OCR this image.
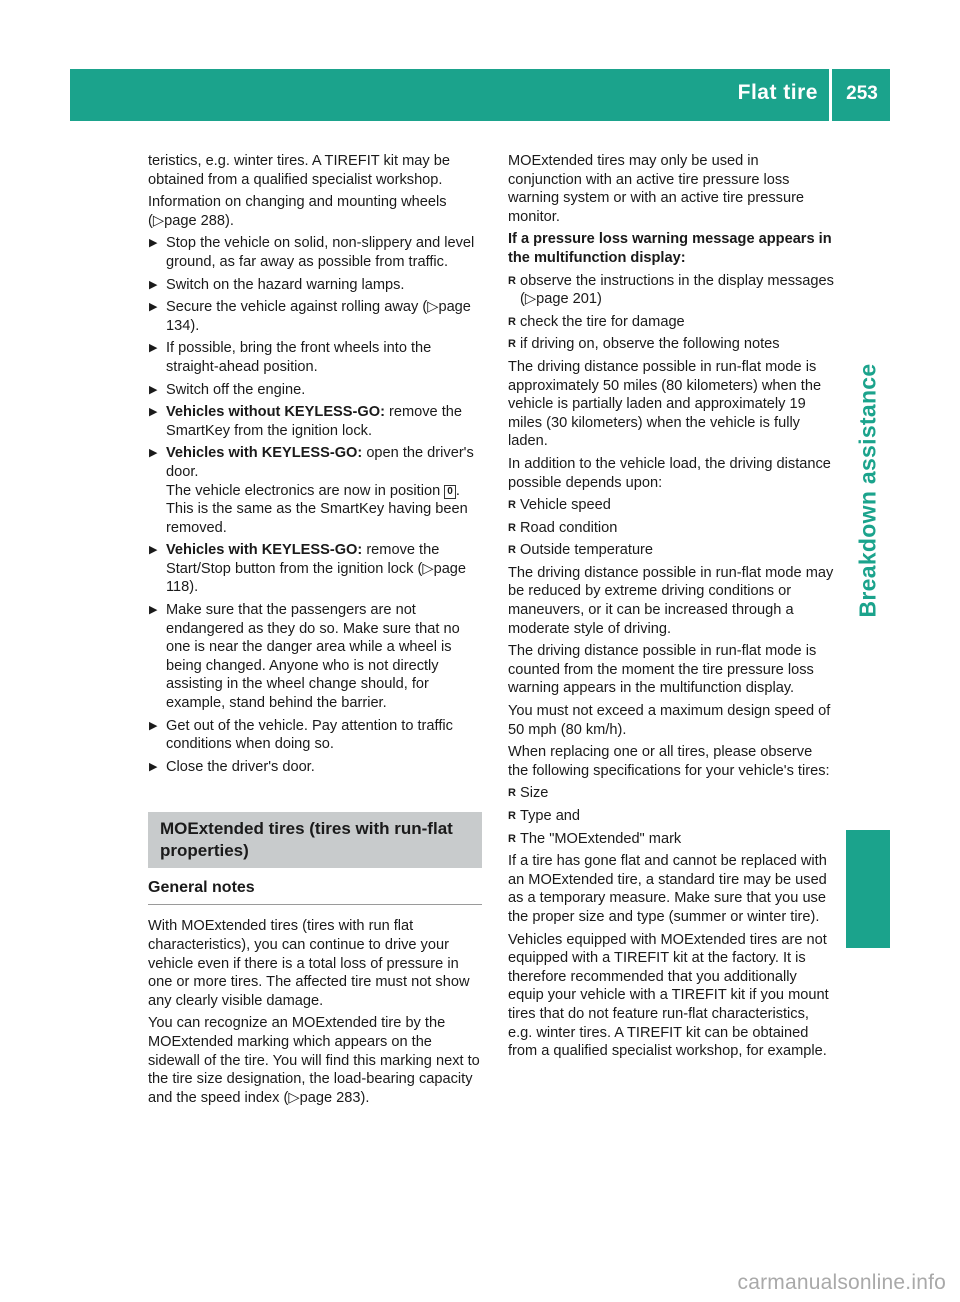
Flat tire	253
Breakdown assistance

teristics, e.g. winter tires. A TIREFIT kit may be obtained from a qualified specialist workshop.

Information on changing and mounting wheels (▷page 288).

▶ Stop the vehicle on solid, non-slippery and level ground, as far away as possible from traffic.
▶ Switch on the hazard warning lamps.
▶ Secure the vehicle against rolling away (▷page 134).
▶ If possible, bring the front wheels into the straight-ahead position.
▶ Switch off the engine.
▶ Vehicles without KEYLESS-GO: remove the SmartKey from the ignition lock.
▶ Vehicles with KEYLESS-GO: open the driver's door.
The vehicle electronics are now in position 0 . This is the same as the SmartKey having been removed.
▶ Vehicles with KEYLESS-GO: remove the Start/Stop button from the ignition lock (▷page 118).
▶ Make sure that the passengers are not endangered as they do so. Make sure that no one is near the danger area while a wheel is being changed. Anyone who is not directly assisting in the wheel change should, for example, stand behind the barrier.
▶ Get out of the vehicle. Pay attention to traffic conditions when doing so.
▶ Close the driver's door.
MOExtended tires (tires with run-flat properties)
General notes

With MOExtended tires (tires with run flat characteristics), you can continue to drive your vehicle even if there is a total loss of pressure in one or more tires. The affected tire must not show any clearly visible damage.

You can recognize an MOExtended tire by the MOExtended marking which appears on the sidewall of the tire. You will find this marking next to the tire size designation, the load-bearing capacity and the speed index (▷page 283).

MOExtended tires may only be used in conjunction with an active tire pressure loss warning system or with an active tire pressure monitor.

If a pressure loss warning message appears in the multifunction display:

R observe the instructions in the display messages (▷page 201)
R check the tire for damage
R if driving on, observe the following notes

The driving distance possible in run-flat mode is approximately 50 miles (80 kilometers) when the vehicle is partially laden and approximately 19 miles (30 kilometers) when the vehicle is fully laden.

In addition to the vehicle load, the driving distance possible depends upon:

R Vehicle speed
R Road condition
R Outside temperature

The driving distance possible in run-flat mode may be reduced by extreme driving conditions or maneuvers, or it can be increased through a moderate style of driving.

The driving distance possible in run-flat mode is counted from the moment the tire pressure loss warning appears in the multifunction display.

You must not exceed a maximum design speed of 50 mph (80 km/h).

When replacing one or all tires, please observe the following specifications for your vehicle's tires:

R Size
R Type and
R The "MOExtended" mark

If a tire has gone flat and cannot be replaced with an MOExtended tire, a standard tire may be used as a temporary measure. Make sure that you use the proper size and type (summer or winter tire).

Vehicles equipped with MOExtended tires are not equipped with a TIREFIT kit at the factory. It is therefore recommended that you additionally equip your vehicle with a TIREFIT kit if you mount tires that do not feature run-flat characteristics, e.g. winter tires. A TIREFIT kit can be obtained from a qualified specialist workshop, for example.

carmanualsonline.info
